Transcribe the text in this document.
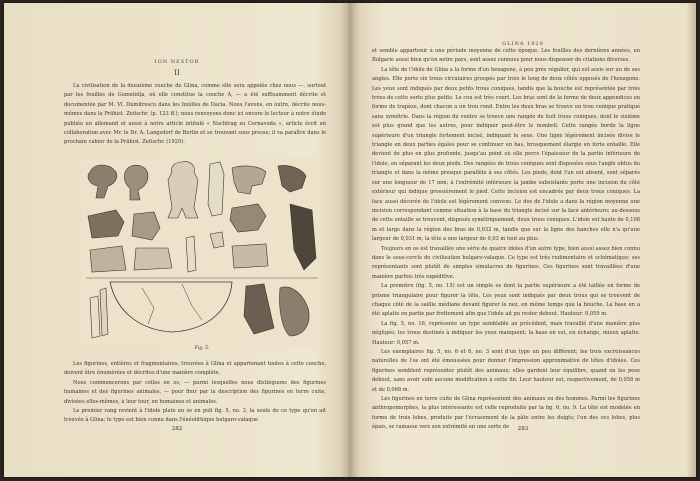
ION NESTOR
II

La civilisation de la deuxième couche de Glina, comme elle sera appelée chez nous —, surtout par les fouilles de Gumelnița, où elle constitue la couche A, — a été suffisamment décrite et documentée par M. Vl. Dumitrescu dans les fouilles de Dacia. Nous l'avons, en outre, décrite nous-mêmes dans la Prähist. Zeitschr. (p. 123 ff.); nous renvoyons donc ici encore le lecteur à notre étude publiée en allemand et aussi à notre article intitulé « Nachtrag zu Cernavoda », article écrit en collaboration avec Mr. le Dr. A. Langsdorf de Berlin et se trouvant sous presse; il va paraître dans le prochain cahier de la Prähist. Zeitschr. (1929).

Fig. 5.

Les figurines, entières et fragmentaires, trouvées à Glina et appartenant toutes à cette couche, doivent être énumérées et décrites d'une manière complète.

Nous commencerons par celles en os, — parmi lesquelles nous distinguons des figurines humaines et des figurines animales, — pour finir par la description des figurines en terre cuite, divisées elles-mêmes, à leur tour, en humaines et animales.

Le premier rang revient à l'idole plate en os en poli fig. 5, no. 3, la seule de ce type qu'on ait trouvée à Glina; le type est bien connu dans l'énéolithique bulgaro-valaque

282
GLINA 1928

et semble appartenir à une période moyenne de cette époque. Les fouilles des dernières années, en Bulgarie aussi bien qu'en notre pays, sont assez connues pour nous dispenser de citations diverses.

La tête de l'idole de Glina a la forme d'un hexagone, à peu près régulier, qui est assis sur un de ses angles. Elle porte six trous circulaires groupés par trois le long de deux côtés opposés de l'hexagone. Les yeux sont indiqués par deux petits trous coniques, tandis que la bouche est représentée par trois trous de cette sorte plus petits. Le cou est très court. Les bras sont de la forme de deux appendices en forme de trapèze, dont chacun a un trou rond. Entre les deux bras se trouve un trou conique pratiqué sans symétrie. Dans la région du ventre se trouve une rangée de huit trous coniques, dont le sixième est plus grand que les autres, pour indiquer peut-être le nombril. Cette rangée borde la ligne supérieure d'un triangle fortement incisé, indiquant le sexe. Une ligne légèrement incisée divise le triangle en deux parties égales pour se continuer en bas, brusquement élargie en forte entaille. Elle devient de plus en plus profonde, jusqu'au point où elle perce l'épaisseur de la partie inférieure de l'idole, en séparant les deux pieds. Des rangées de trous coniques sont disposées sous l'angle obtus du triangle et dans la même presque parallèle à ses côtés. Les pieds, dont l'un est absent, sont séparés sur une longueur de 17 mm; à l'extrémité inférieure la jambe subsistante porte une incision du côté extérieur qui indique grossièrement le pied. Cette incision est encadrée par deux trous coniques. La face aussi décorée de l'idole est légèrement convexe. Le dos de l'idole a dans la région moyenne une incision correspondant comme situation à la base du triangle incisé sur la face antérieure; au-dessous de cette entaille se trouvent, disposés symétriquement, deux trous coniques. L'idole est haute de 0,108 m et large dans la région des bras de 0,032 m, tandis que sur la ligne des hanches elle n'a qu'une largeur de 0,031 m; la tête a une largeur de 0,03 m tout au plus.

Toujours en os est travaillée une série de quatre idoles d'un autre type, bien aussi assez bien connu dans le sous-cercle de civilisation bulgaro-valaque. Ce type est très rudimentaire et schématique; ses représentants sont plutôt de simples simulacres de figurines. Ces figurines sont travaillées d'une manière parfois très expéditive.

La première (fig. 5, no. 15) est un simple os dont la partie supérieure a été taillée en forme de prisme triangulaire pour figurer la tête. Les yeux sont indiqués par deux trous qui se trouvent de chaque côté de la saillie médiane devant figurer le nez, en même temps que la bouche. La base en a été aplatie en partie par frottement afin que l'idole ait pu rester debout. Hauteur: 0,059 m.

La fig. 5, no. 16, représente un type semblable au précédent, mais travaillé d'une manière plus négligée; les trous destinés à indiquer les yeux manquent; la base en est, en échange, mieux aplatie. Hauteur: 0,057 m.

Les exemplaires fig. 5, no. 6 et 6, no. 3 sont d'un type un peu différent; les trois excroissances naturelles de l'os ont été émoussées pour donner l'impression approximative de têtes d'idoles. Ces figurines semblent représenter plutôt des animaux; elles gardent leur équilibre, quand on les pose debout, sans avoir subi aucune modification à cette fin. Leur hauteur est, respectivement, de 0,058 m et de 0,068 m.

Les figurines en terre cuite de Glina représentent des animaux ou des hommes. Parmi les figurines anthropomorphes, la plus intéressante est celle reproduite par la fig. 6, no. 9. La tête est modelée en forme de trois lobes, produits par l'écrasement de la pâte entre les doigts; l'un des ces lobes, plus épais, se ramasse vers son extrémité en une sorte de	283
